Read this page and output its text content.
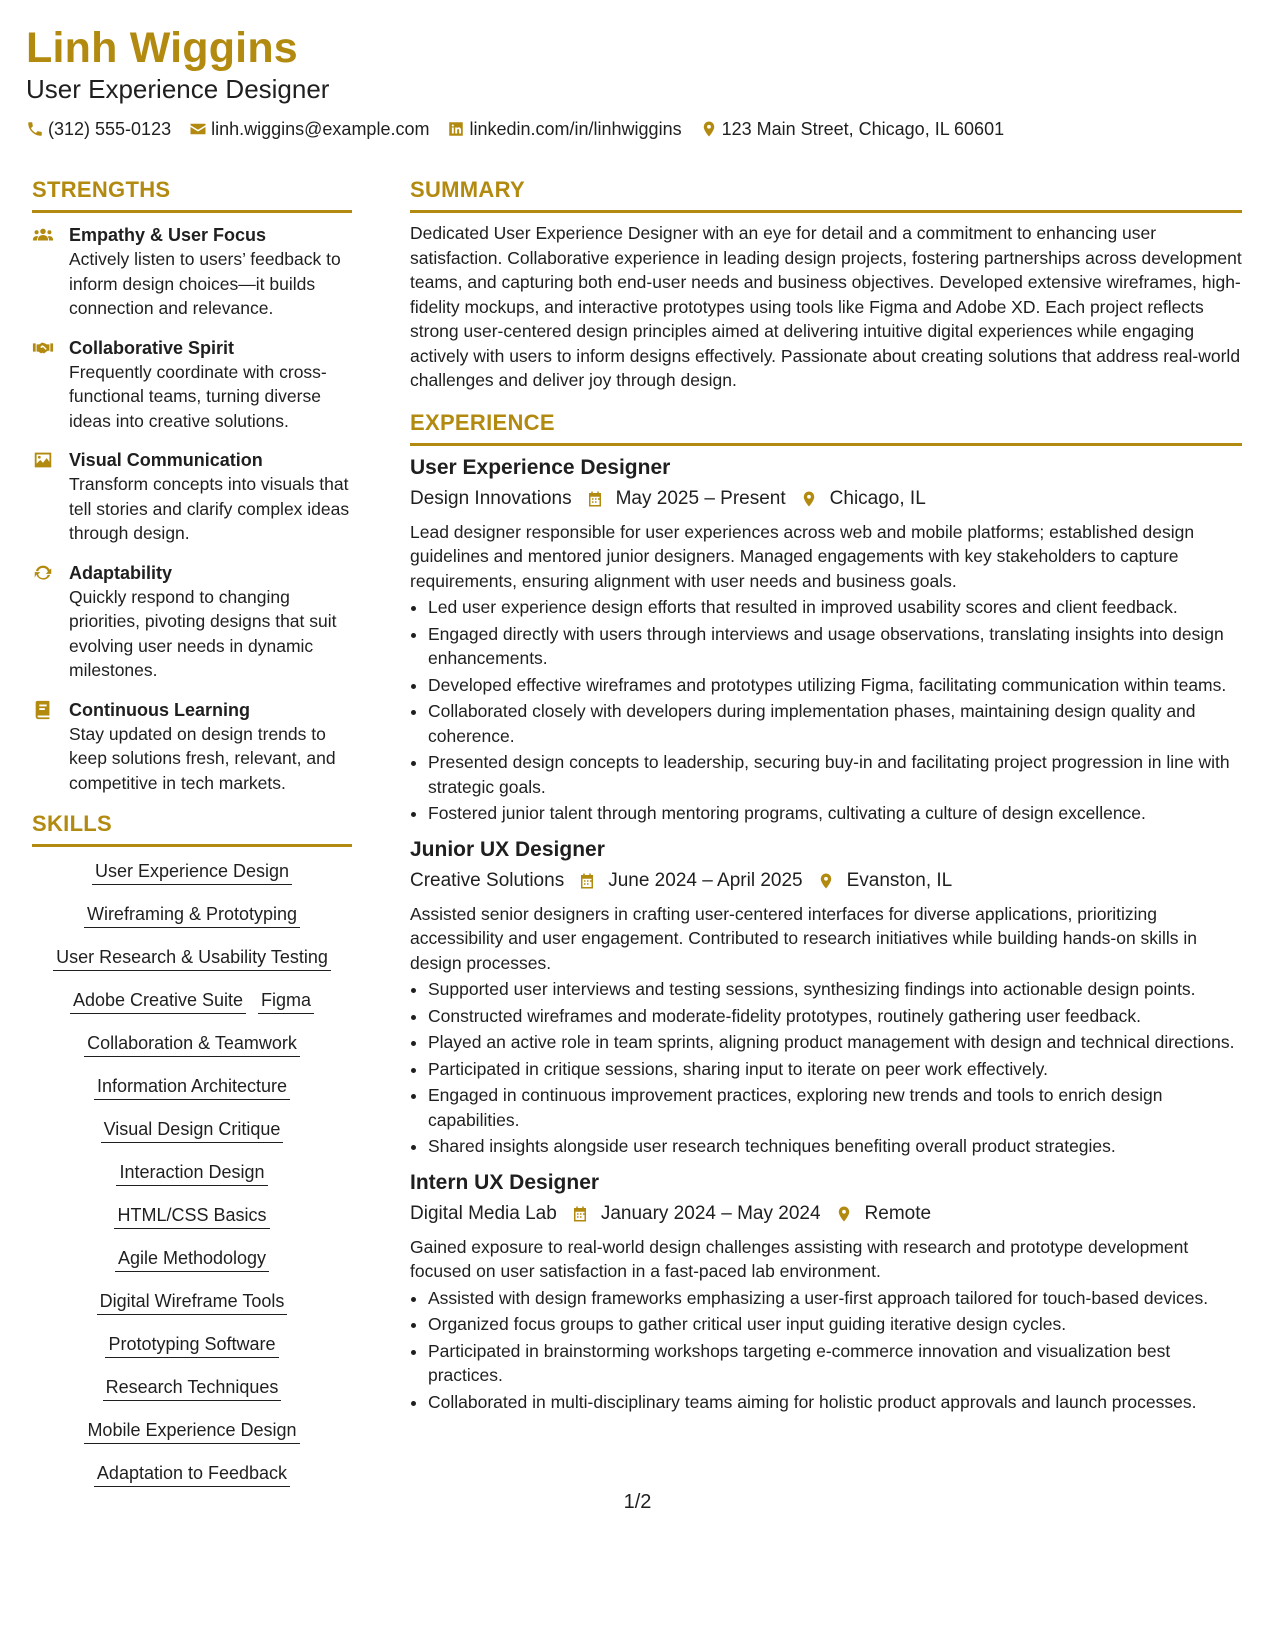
Linh Wiggins
User Experience Designer
(312) 555-0123 linh.wiggins@example.com linkedin.com/in/linhwiggins 123 Main Street, Chicago, IL 60601
STRENGTHS
Empathy & User Focus
Actively listen to users’ feedback to inform design choices—it builds connection and relevance.
Collaborative Spirit
Frequently coordinate with cross-functional teams, turning diverse ideas into creative solutions.
Visual Communication
Transform concepts into visuals that tell stories and clarify complex ideas through design.
Adaptability
Quickly respond to changing priorities, pivoting designs that suit evolving user needs in dynamic milestones.
Continuous Learning
Stay updated on design trends to keep solutions fresh, relevant, and competitive in tech markets.
SKILLS
User Experience Design
Wireframing & Prototyping
User Research & Usability Testing
Adobe Creative Suite Figma
Collaboration & Teamwork
Information Architecture
Visual Design Critique
Interaction Design
HTML/CSS Basics
Agile Methodology
Digital Wireframe Tools
Prototyping Software
Research Techniques
Mobile Experience Design
Adaptation to Feedback
SUMMARY
Dedicated User Experience Designer with an eye for detail and a commitment to enhancing user satisfaction. Collaborative experience in leading design projects, fostering partnerships across development teams, and capturing both end-user needs and business objectives. Developed extensive wireframes, high-fidelity mockups, and interactive prototypes using tools like Figma and Adobe XD. Each project reflects strong user-centered design principles aimed at delivering intuitive digital experiences while engaging actively with users to inform designs effectively. Passionate about creating solutions that address real-world challenges and deliver joy through design.
EXPERIENCE
User Experience Designer
Design Innovations May 2025 – Present Chicago, IL
Lead designer responsible for user experiences across web and mobile platforms; established design guidelines and mentored junior designers. Managed engagements with key stakeholders to capture requirements, ensuring alignment with user needs and business goals.
• Led user experience design efforts that resulted in improved usability scores and client feedback.
• Engaged directly with users through interviews and usage observations, translating insights into design enhancements.
• Developed effective wireframes and prototypes utilizing Figma, facilitating communication within teams.
• Collaborated closely with developers during implementation phases, maintaining design quality and coherence.
• Presented design concepts to leadership, securing buy-in and facilitating project progression in line with strategic goals.
• Fostered junior talent through mentoring programs, cultivating a culture of design excellence.
Junior UX Designer
Creative Solutions June 2024 – April 2025 Evanston, IL
Assisted senior designers in crafting user-centered interfaces for diverse applications, prioritizing accessibility and user engagement. Contributed to research initiatives while building hands-on skills in design processes.
• Supported user interviews and testing sessions, synthesizing findings into actionable design points.
• Constructed wireframes and moderate-fidelity prototypes, routinely gathering user feedback.
• Played an active role in team sprints, aligning product management with design and technical directions.
• Participated in critique sessions, sharing input to iterate on peer work effectively.
• Engaged in continuous improvement practices, exploring new trends and tools to enrich design capabilities.
• Shared insights alongside user research techniques benefiting overall product strategies.
Intern UX Designer
Digital Media Lab January 2024 – May 2024 Remote
Gained exposure to real-world design challenges assisting with research and prototype development focused on user satisfaction in a fast-paced lab environment.
• Assisted with design frameworks emphasizing a user-first approach tailored for touch-based devices.
• Organized focus groups to gather critical user input guiding iterative design cycles.
• Participated in brainstorming workshops targeting e-commerce innovation and visualization best practices.
• Collaborated in multi-disciplinary teams aiming for holistic product approvals and launch processes.
1/2
